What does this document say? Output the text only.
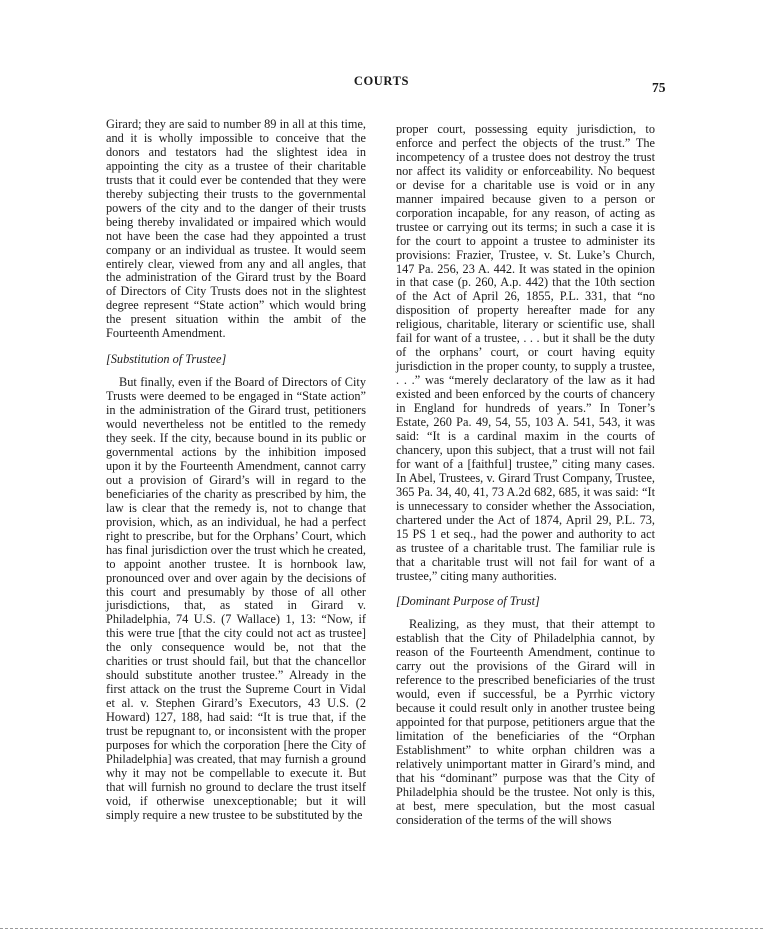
COURTS	75

Girard; they are said to number 89 in all at this time, and it is wholly impossible to conceive that the donors and testators had the slightest idea in appointing the city as a trustee of their charitable trusts that it could ever be contended that they were thereby subjecting their trusts to the governmental powers of the city and to the danger of their trusts being thereby invalidated or impaired which would not have been the case had they appointed a trust company or an individual as trustee. It would seem entirely clear, viewed from any and all angles, that the administration of the Girard trust by the Board of Directors of City Trusts does not in the slightest degree represent “State action” which would bring the present situation within the ambit of the Fourteenth Amendment.

[Substitution of Trustee]

But finally, even if the Board of Directors of City Trusts were deemed to be engaged in “State action” in the administration of the Girard trust, petitioners would nevertheless not be entitled to the remedy they seek. If the city, because bound in its public or governmental actions by the inhibition imposed upon it by the Fourteenth Amendment, cannot carry out a provision of Girard’s will in regard to the beneficiaries of the charity as prescribed by him, the law is clear that the remedy is, not to change that provision, which, as an individual, he had a perfect right to prescribe, but for the Orphans’ Court, which has final jurisdiction over the trust which he created, to appoint another trustee. It is hornbook law, pronounced over and over again by the decisions of this court and presumably by those of all other jurisdictions, that, as stated in Girard v. Philadelphia, 74 U.S. (7 Wallace) 1, 13: “Now, if this were true [that the city could not act as trustee] the only consequence would be, not that the charities or trust should fail, but that the chancellor should substitute another trustee.” Already in the first attack on the trust the Supreme Court in Vidal et al. v. Stephen Girard’s Executors, 43 U.S. (2 Howard) 127, 188, had said: “It is true that, if the trust be repugnant to, or inconsistent with the proper purposes for which the corporation [here the City of Philadelphia] was created, that may furnish a ground why it may not be compellable to execute it. But that will furnish no ground to declare the trust itself void, if otherwise unexceptionable; but it will simply require a new trustee to be substituted by the

proper court, possessing equity jurisdiction, to enforce and perfect the objects of the trust.” The incompetency of a trustee does not destroy the trust nor affect its validity or enforceability. No bequest or devise for a charitable use is void or in any manner impaired because given to a person or corporation incapable, for any reason, of acting as trustee or carrying out its terms; in such a case it is for the court to appoint a trustee to administer its provisions: Frazier, Trustee, v. St. Luke’s Church, 147 Pa. 256, 23 A. 442. It was stated in the opinion in that case (p. 260, A.p. 442) that the 10th section of the Act of April 26, 1855, P.L. 331, that “no disposition of property hereafter made for any religious, charitable, literary or scientific use, shall fail for want of a trustee, . . . but it shall be the duty of the orphans’ court, or court having equity jurisdiction in the proper county, to supply a trustee, . . .” was “merely declaratory of the law as it had existed and been enforced by the courts of chancery in England for hundreds of years.” In Toner’s Estate, 260 Pa. 49, 54, 55, 103 A. 541, 543, it was said: “It is a cardinal maxim in the courts of chancery, upon this subject, that a trust will not fail for want of a [faithful] trustee,” citing many cases. In Abel, Trustees, v. Girard Trust Company, Trustee, 365 Pa. 34, 40, 41, 73 A.2d 682, 685, it was said: “It is unnecessary to consider whether the Association, chartered under the Act of 1874, April 29, P.L. 73, 15 PS 1 et seq., had the power and authority to act as trustee of a charitable trust. The familiar rule is that a charitable trust will not fail for want of a trustee,” citing many authorities.

[Dominant Purpose of Trust]

Realizing, as they must, that their attempt to establish that the City of Philadelphia cannot, by reason of the Fourteenth Amendment, continue to carry out the provisions of the Girard will in reference to the prescribed beneficiaries of the trust would, even if successful, be a Pyrrhic victory because it could result only in another trustee being appointed for that purpose, petitioners argue that the limitation of the beneficiaries of the “Orphan Establishment” to white orphan children was a relatively unimportant matter in Girard’s mind, and that his “dominant” purpose was that the City of Philadelphia should be the trustee. Not only is this, at best, mere speculation, but the most casual consideration of the terms of the will shows
